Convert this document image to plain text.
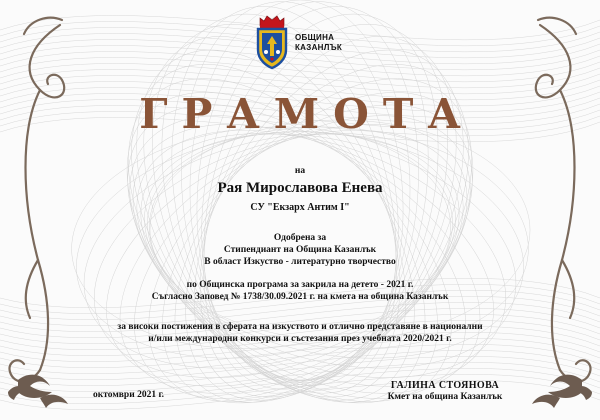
ОБЩИНА
КАЗАНЛЪК
ГРАМОТА
на
Рая Мирославова Енева
СУ "Екзарх Антим I"
Одобрена за
Стипендиант на Община Казанлък
В област Изкуство - литературно творчество
по Общинска програма за закрила на детето - 2021 г.
Съгласно Заповед № 1738/30.09.2021 г. на кмета на община Казанлък
за високи постижения в сферата на изкуството и отлично представяне в национални
и/или международни конкурси и състезания през учебната 2020/2021 г.
октомври 2021 г.
ГАЛИНА СТОЯНОВА
Кмет на община Казанлък
